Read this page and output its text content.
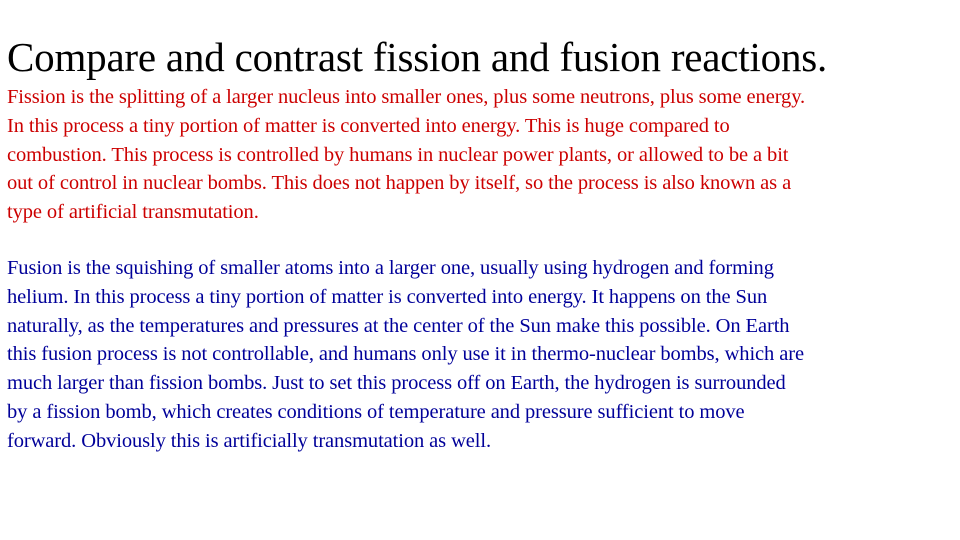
Compare and contrast fission and fusion reactions.

Fission is the splitting of a larger nucleus into smaller ones, plus some neutrons, plus some energy.
In this process a tiny portion of matter is converted into energy. This is huge compared to
combustion. This process is controlled by humans in nuclear power plants, or allowed to be a bit
out of control in nuclear bombs. This does not happen by itself, so the process is also known as a
type of artificial transmutation.

Fusion is the squishing of smaller atoms into a larger one, usually using hydrogen and forming
helium. In this process a tiny portion of matter is converted into energy. It happens on the Sun
naturally, as the temperatures and pressures at the center of the Sun make this possible. On Earth
this fusion process is not controllable, and humans only use it in thermo-nuclear bombs, which are
much larger than fission bombs. Just to set this process off on Earth, the hydrogen is surrounded
by a fission bomb, which creates conditions of temperature and pressure sufficient to move
forward. Obviously this is artificially transmutation as well.
